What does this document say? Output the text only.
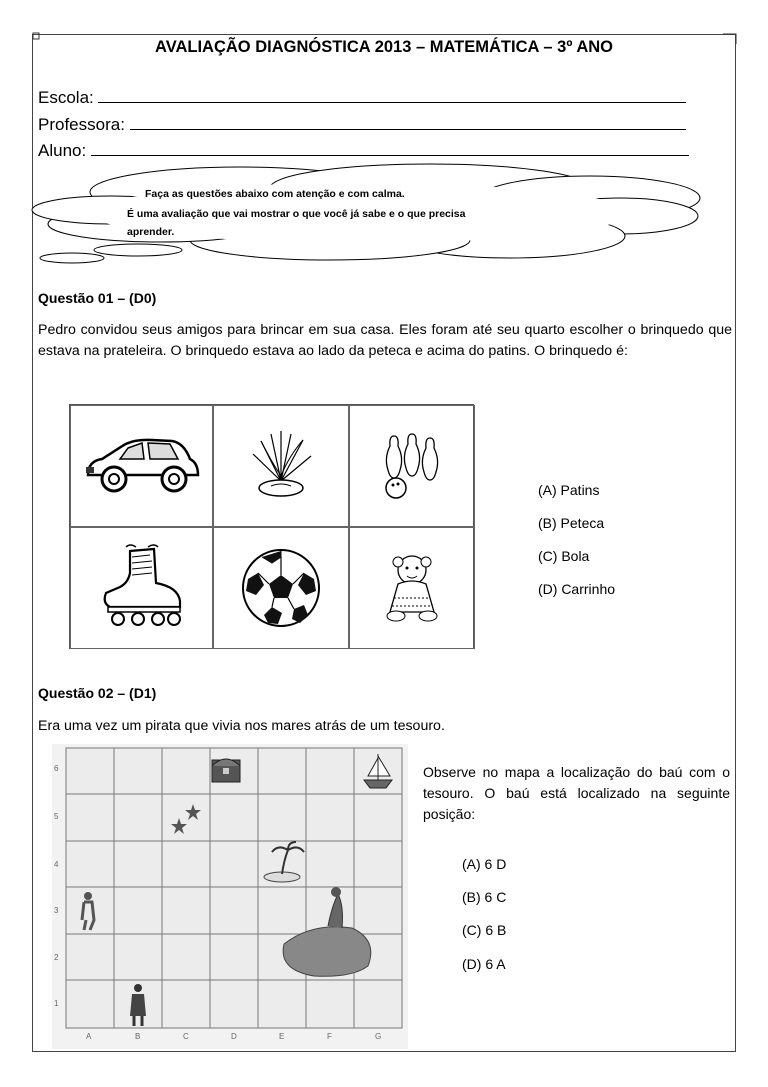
AVALIAÇÃO DIAGNÓSTICA 2013 – MATEMÁTICA – 3º ANO
Escola:
Professora:
Aluno:
Faça as questões abaixo com atenção e com calma.
É uma avaliação que vai mostrar o que você já sabe e o que precisa
aprender.
Questão 01 – (D0)
Pedro convidou seus amigos para brincar em sua casa. Eles foram até seu quarto escolher o brinquedo que estava na prateleira. O brinquedo estava ao lado da peteca e acima do patins. O brinquedo é:
(A) Patins
(B) Peteca
(C) Bola
(D) Carrinho
Questão 02 – (D1)
Era uma vez um pirata que vivia nos mares atrás de um tesouro.
6
5
4
3
2
1
A	B	C	D	E	F	G
Observe no mapa a localização do baú com o tesouro. O baú está localizado na seguinte posição:
(A) 6 D
(B) 6 C
(C) 6 B
(D) 6 A
